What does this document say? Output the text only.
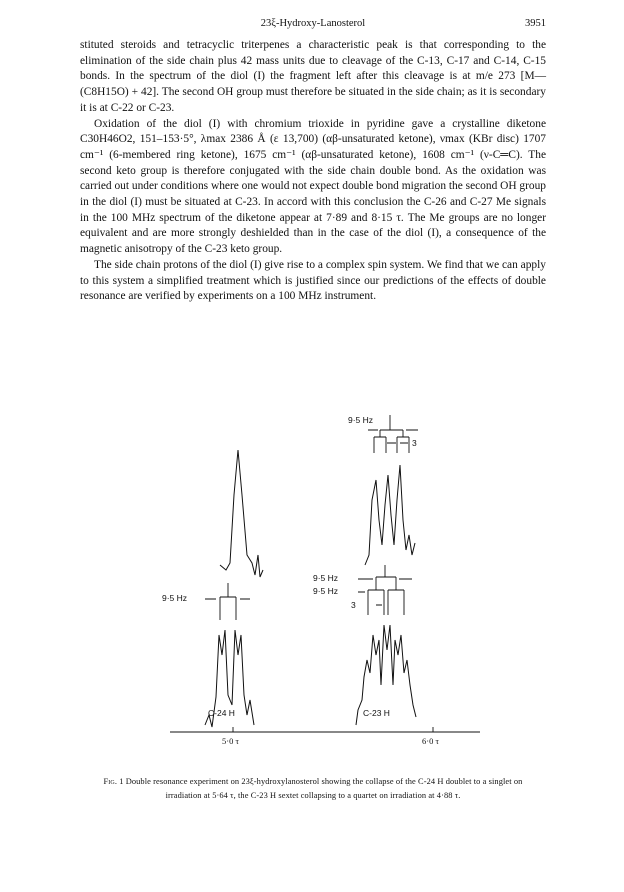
23ξ-Hydroxy-Lanosterol	3951

stituted steroids and tetracyclic triterpenes a characteristic peak is that corresponding to the elimination of the side chain plus 42 mass units due to cleavage of the C-13, C-17 and C-14, C-15 bonds. In the spectrum of the diol (I) the fragment left after this cleavage is at m/e 273 [M—(C8H15O) + 42]. The second OH group must therefore be situated in the side chain; as it is secondary it is at C-22 or C-23.

Oxidation of the diol (I) with chromium trioxide in pyridine gave a crystalline diketone C30H46O2, 151–153·5°, λmax 2386 Å (ε 13,700) (αβ-unsaturated ketone), νmax (KBr disc) 1707 cm⁻¹ (6-membered ring ketone), 1675 cm⁻¹ (αβ-unsaturated ketone), 1608 cm⁻¹ (ν-C═C). The second keto group is therefore conjugated with the side chain double bond. As the oxidation was carried out under conditions where one would not expect double bond migration the second OH group in the diol (I) must be situated at C-23. In accord with this conclusion the C-26 and C-27 Me signals in the 100 MHz spectrum of the diketone appear at 7·89 and 8·15 τ. The Me groups are no longer equivalent and are more strongly deshielded than in the case of the diol (I), a consequence of the magnetic anisotropy of the C-23 keto group.

The side chain protons of the diol (I) give rise to a complex spin system. We find that we can apply to this system a simplified treatment which is justified since our predictions of the effects of double resonance are verified by experiments on a 100 MHz instrument.

9·5 Hz
3
9·5 Hz
9·5 Hz
9·5 Hz
3
C-24 H	C-23 H
5·0 τ	6·0 τ
Fig. 1 Double resonance experiment on 23ξ-hydroxylanosterol showing the collapse of the C-24 H doublet to a singlet on irradiation at 5·64 τ, the C-23 H sextet collapsing to a quartet on irradiation at 4·88 τ.
